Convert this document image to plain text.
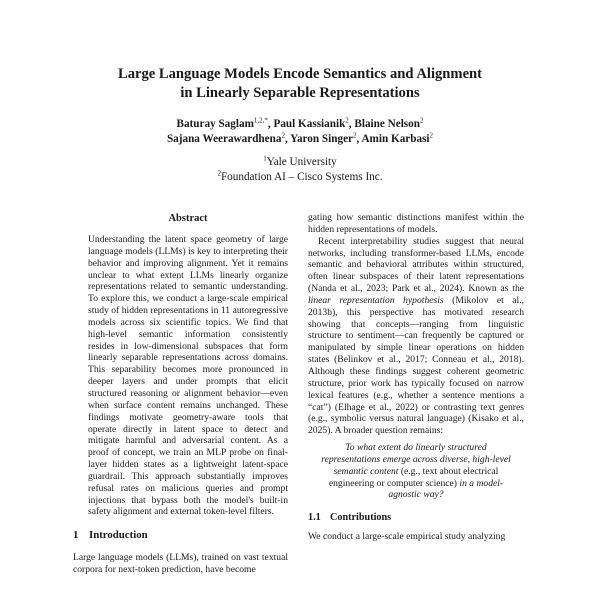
Large Language Models Encode Semantics and Alignment
in Linearly Separable Representations
Baturay Saglam$^{1,2,*}$, Paul Kassianik$^2$, Blaine Nelson$^2$
Sajana Weerawardhena$^2$, Yaron Singer$^2$, Amin Karbasi$^2$
$^1$Yale University
$^2$Foundation AI – Cisco Systems Inc.
Abstract

Understanding the latent space geometry of large language models (LLMs) is key to interpreting their behavior and improving alignment. Yet it remains unclear to what extent LLMs linearly organize representations related to semantic understanding. To explore this, we conduct a large-scale empirical study of hidden representations in 11 autoregressive models across six scientific topics. We find that high-level semantic information consistently resides in low-dimensional subspaces that form linearly separable representations across domains. This separability becomes more pronounced in deeper layers and under prompts that elicit structured reasoning or alignment behavior—even when surface content remains unchanged. These findings motivate geometry-aware tools that operate directly in latent space to detect and mitigate harmful and adversarial content. As a proof of concept, we train an MLP probe on final-layer hidden states as a lightweight latent-space guardrail. This approach substantially improves refusal rates on malicious queries and prompt injections that bypass both the model's built-in safety alignment and external token-level filters.

1 Introduction

Large language models (LLMs), trained on vast textual corpora for next-token prediction, have become

gating how semantic distinctions manifest within the hidden representations of models.

Recent interpretability studies suggest that neural networks, including transformer-based LLMs, encode semantic and behavioral attributes within structured, often linear subspaces of their latent representations (Nanda et al., 2023; Park et al., 2024). Known as the linear representation hypothesis (Mikolov et al., 2013b), this perspective has motivated research showing that concepts—ranging from linguistic structure to sentiment—can frequently be captured or manipulated by simple linear operations on hidden states (Belinkov et al., 2017; Conneau et al., 2018). Although these findings suggest coherent geometric structure, prior work has typically focused on narrow lexical features (e.g., whether a sentence mentions a “cat”) (Elhage et al., 2022) or contrasting text genres (e.g., symbolic versus natural language) (Kisako et al., 2025). A broader question remains:

To what extent do linearly structured representations emerge across diverse, high-level semantic content (e.g., text about electrical engineering or computer science) in a model-agnostic way?

1.1 Contributions

We conduct a large-scale empirical study analyzing
